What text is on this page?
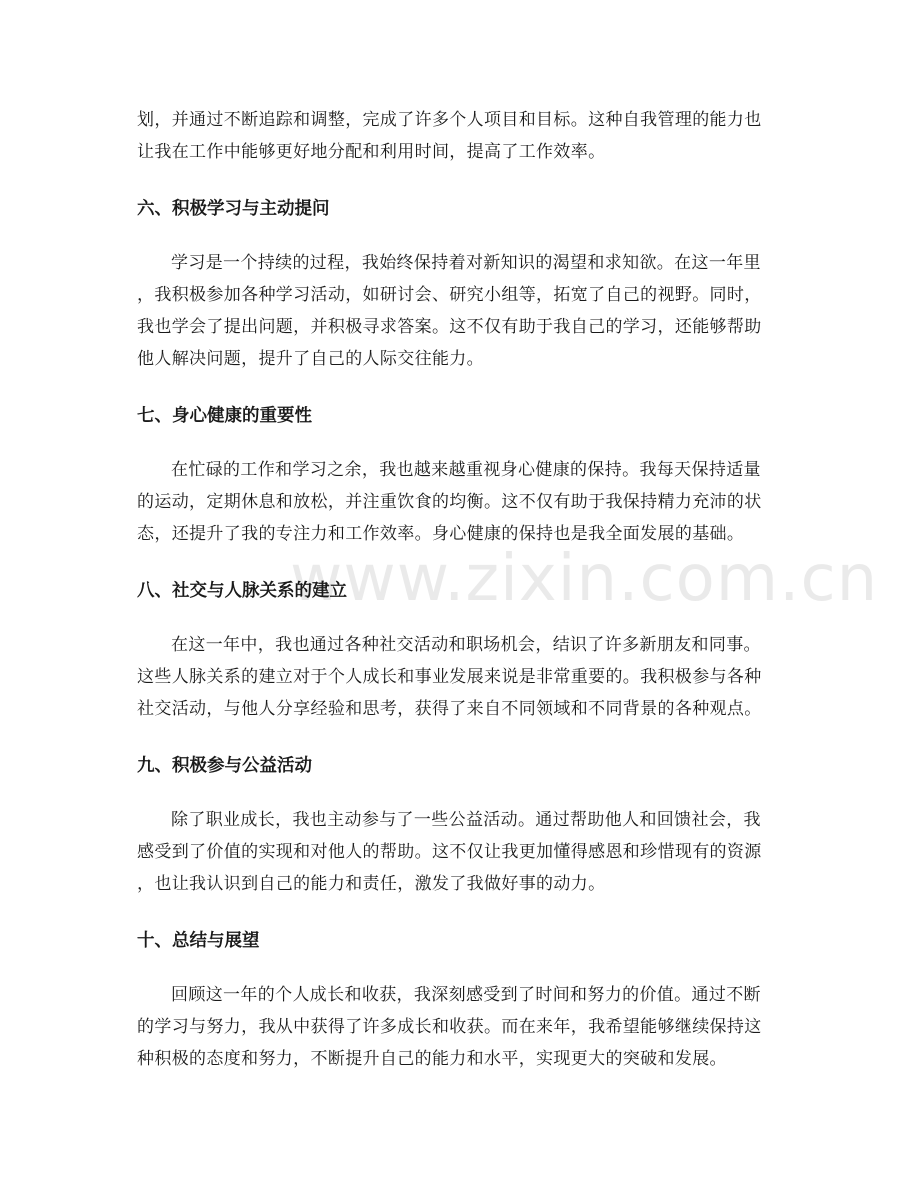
www.zixin.com.cn
划，并通过不断追踪和调整，完成了许多个人项目和目标。这种自我管理的能力也
让我在工作中能够更好地分配和利用时间，提高了工作效率。
六、积极学习与主动提问
学习是一个持续的过程，我始终保持着对新知识的渴望和求知欲。在这一年里
，我积极参加各种学习活动，如研讨会、研究小组等，拓宽了自己的视野。同时，
我也学会了提出问题，并积极寻求答案。这不仅有助于我自己的学习，还能够帮助
他人解决问题，提升了自己的人际交往能力。
七、身心健康的重要性
在忙碌的工作和学习之余，我也越来越重视身心健康的保持。我每天保持适量
的运动，定期休息和放松，并注重饮食的均衡。这不仅有助于我保持精力充沛的状
态，还提升了我的专注力和工作效率。身心健康的保持也是我全面发展的基础。
八、社交与人脉关系的建立
在这一年中，我也通过各种社交活动和职场机会，结识了许多新朋友和同事。
这些人脉关系的建立对于个人成长和事业发展来说是非常重要的。我积极参与各种
社交活动，与他人分享经验和思考，获得了来自不同领域和不同背景的各种观点。
九、积极参与公益活动
除了职业成长，我也主动参与了一些公益活动。通过帮助他人和回馈社会，我
感受到了价值的实现和对他人的帮助。这不仅让我更加懂得感恩和珍惜现有的资源
，也让我认识到自己的能力和责任，激发了我做好事的动力。
十、总结与展望
回顾这一年的个人成长和收获，我深刻感受到了时间和努力的价值。通过不断
的学习与努力，我从中获得了许多成长和收获。而在来年，我希望能够继续保持这
种积极的态度和努力，不断提升自己的能力和水平，实现更大的突破和发展。
